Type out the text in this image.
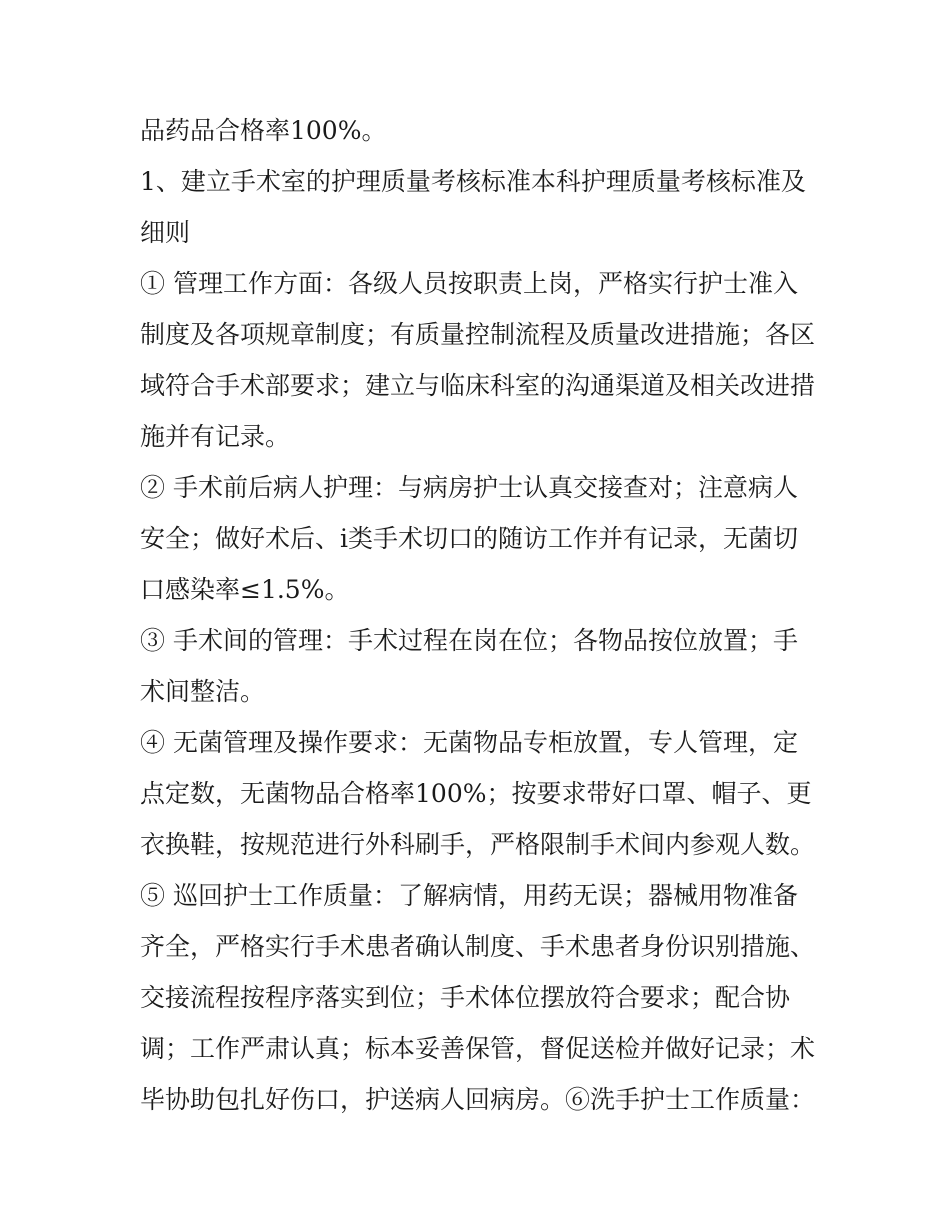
品药品合格率100%。
1、建立手术室的护理质量考核标准本科护理质量考核标准及
细则
① 管理工作方面：各级人员按职责上岗，严格实行护士准入
制度及各项规章制度；有质量控制流程及质量改进措施；各区
域符合手术部要求；建立与临床科室的沟通渠道及相关改进措
施并有记录。
② 手术前后病人护理：与病房护士认真交接查对；注意病人
安全；做好术后、ⅰ类手术切口的随访工作并有记录，无菌切
口感染率≤1.5%。
③ 手术间的管理：手术过程在岗在位；各物品按位放置；手
术间整洁。
④ 无菌管理及操作要求：无菌物品专柜放置，专人管理，定
点定数，无菌物品合格率100%；按要求带好口罩、帽子、更
衣换鞋，按规范进行外科刷手，严格限制手术间内参观人数。
⑤ 巡回护士工作质量：了解病情，用药无误；器械用物准备
齐全，严格实行手术患者确认制度、手术患者身份识别措施、
交接流程按程序落实到位；手术体位摆放符合要求；配合协
调；工作严肃认真；标本妥善保管，督促送检并做好记录；术
毕协助包扎好伤口，护送病人回病房。⑥洗手护士工作质量：
